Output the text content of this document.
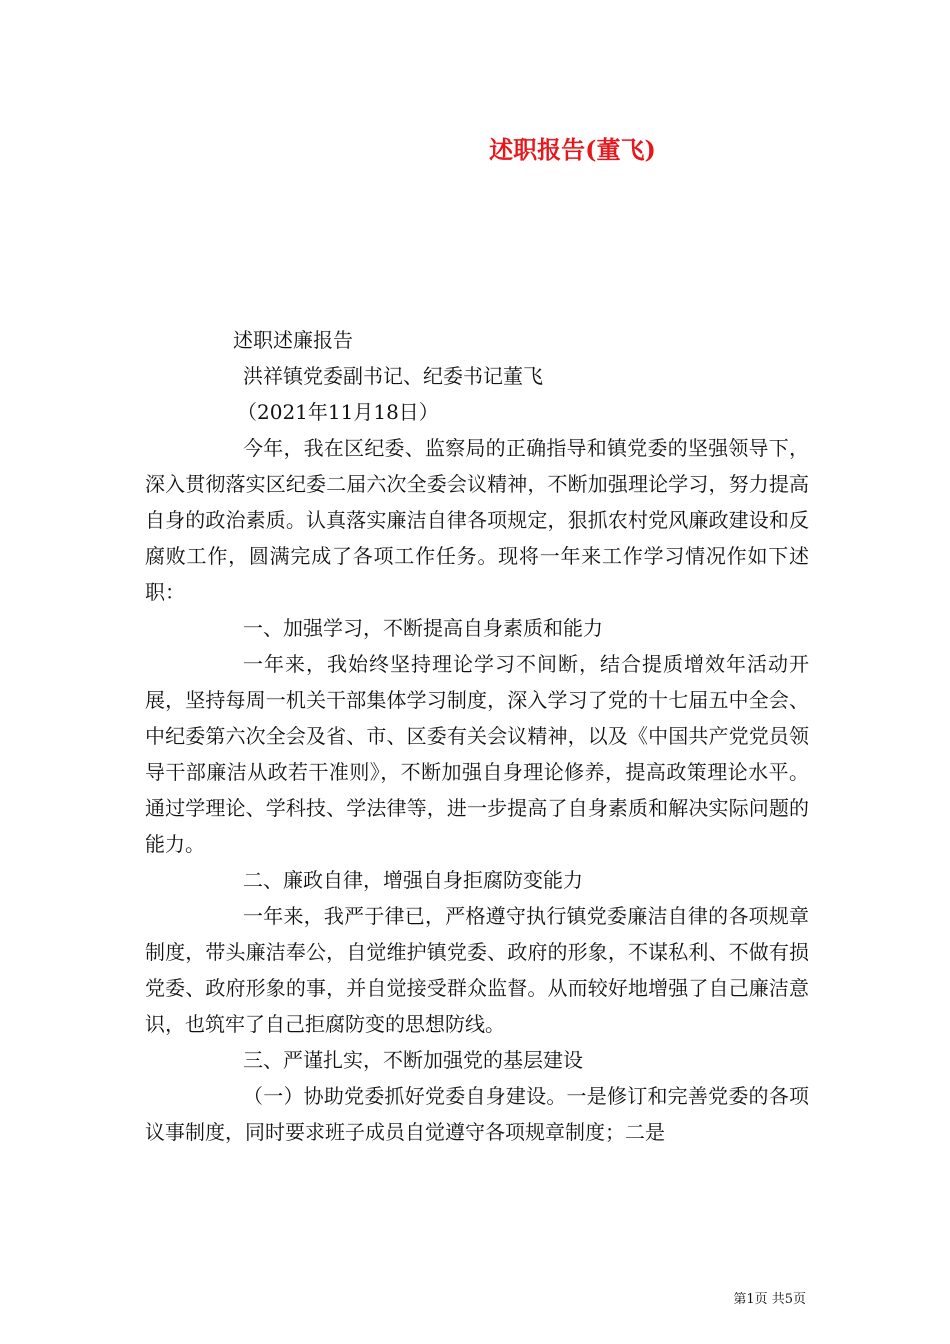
述职报告(董飞)
述职述廉报告
洪祥镇党委副书记、纪委书记董飞
（2021年11月18日）
今年，我在区纪委、监察局的正确指导和镇党委的坚强领导下，深入贯彻落实区纪委二届六次全委会议精神，不断加强理论学习，努力提高自身的政治素质。认真落实廉洁自律各项规定，狠抓农村党风廉政建设和反腐败工作，圆满完成了各项工作任务。现将一年来工作学习情况作如下述职：
一、加强学习，不断提高自身素质和能力
一年来，我始终坚持理论学习不间断，结合提质增效年活动开展，坚持每周一机关干部集体学习制度，深入学习了党的十七届五中全会、中纪委第六次全会及省、市、区委有关会议精神，以及《中国共产党党员领导干部廉洁从政若干准则》，不断加强自身理论修养，提高政策理论水平。通过学理论、学科技、学法律等，进一步提高了自身素质和解决实际问题的能力。
二、廉政自律，增强自身拒腐防变能力
一年来，我严于律已，严格遵守执行镇党委廉洁自律的各项规章制度，带头廉洁奉公，自觉维护镇党委、政府的形象，不谋私利、不做有损党委、政府形象的事，并自觉接受群众监督。从而较好地增强了自己廉洁意识，也筑牢了自己拒腐防变的思想防线。
三、严谨扎实，不断加强党的基层建设
（一）协助党委抓好党委自身建设。一是修订和完善党委的各项议事制度，同时要求班子成员自觉遵守各项规章制度；二是
第1页 共5页
